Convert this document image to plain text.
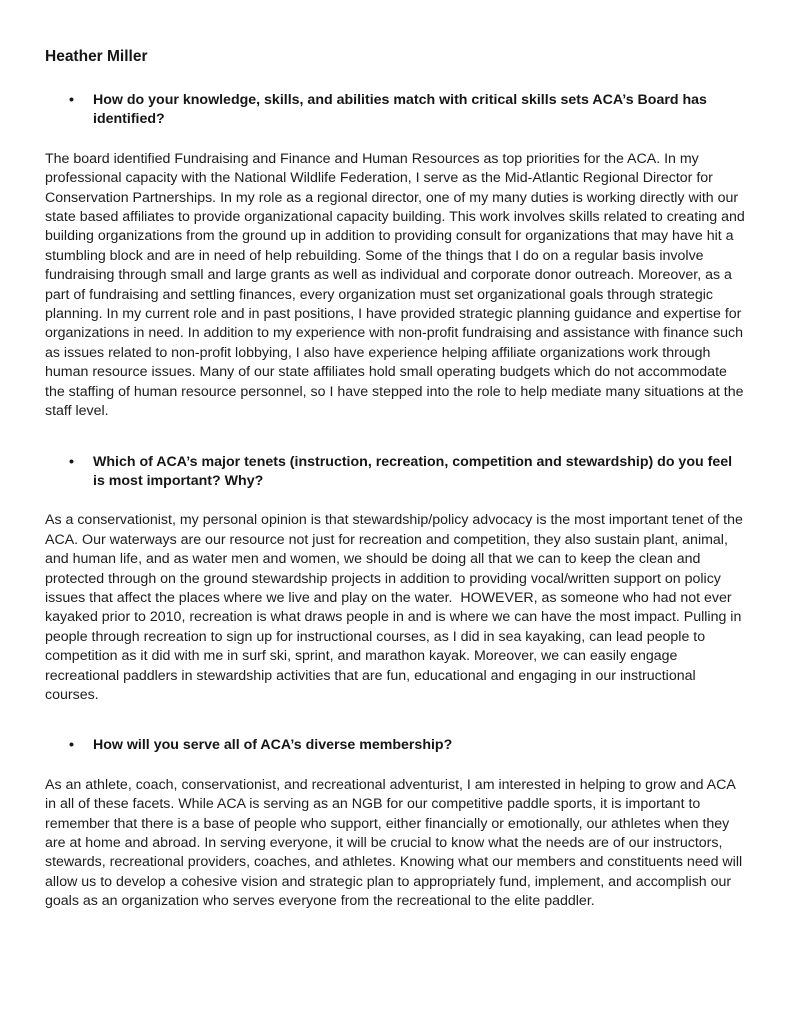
Heather Miller
• How do your knowledge, skills, and abilities match with critical skills sets ACA’s Board has identified?

The board identified Fundraising and Finance and Human Resources as top priorities for the ACA. In my professional capacity with the National Wildlife Federation, I serve as the Mid-Atlantic Regional Director for Conservation Partnerships. In my role as a regional director, one of my many duties is working directly with our state based affiliates to provide organizational capacity building. This work involves skills related to creating and building organizations from the ground up in addition to providing consult for organizations that may have hit a stumbling block and are in need of help rebuilding. Some of the things that I do on a regular basis involve fundraising through small and large grants as well as individual and corporate donor outreach. Moreover, as a part of fundraising and settling finances, every organization must set organizational goals through strategic planning. In my current role and in past positions, I have provided strategic planning guidance and expertise for organizations in need. In addition to my experience with non-profit fundraising and assistance with finance such as issues related to non-profit lobbying, I also have experience helping affiliate organizations work through human resource issues. Many of our state affiliates hold small operating budgets which do not accommodate the staffing of human resource personnel, so I have stepped into the role to help mediate many situations at the staff level.

• Which of ACA’s major tenets (instruction, recreation, competition and stewardship) do you feel is most important? Why?

As a conservationist, my personal opinion is that stewardship/policy advocacy is the most important tenet of the ACA. Our waterways are our resource not just for recreation and competition, they also sustain plant, animal, and human life, and as water men and women, we should be doing all that we can to keep the clean and protected through on the ground stewardship projects in addition to providing vocal/written support on policy issues that affect the places where we live and play on the water.  HOWEVER, as someone who had not ever kayaked prior to 2010, recreation is what draws people in and is where we can have the most impact. Pulling in people through recreation to sign up for instructional courses, as I did in sea kayaking, can lead people to competition as it did with me in surf ski, sprint, and marathon kayak. Moreover, we can easily engage recreational paddlers in stewardship activities that are fun, educational and engaging in our instructional courses.

• How will you serve all of ACA’s diverse membership?

As an athlete, coach, conservationist, and recreational adventurist, I am interested in helping to grow and ACA in all of these facets. While ACA is serving as an NGB for our competitive paddle sports, it is important to remember that there is a base of people who support, either financially or emotionally, our athletes when they are at home and abroad. In serving everyone, it will be crucial to know what the needs are of our instructors, stewards, recreational providers, coaches, and athletes. Knowing what our members and constituents need will allow us to develop a cohesive vision and strategic plan to appropriately fund, implement, and accomplish our goals as an organization who serves everyone from the recreational to the elite paddler.
